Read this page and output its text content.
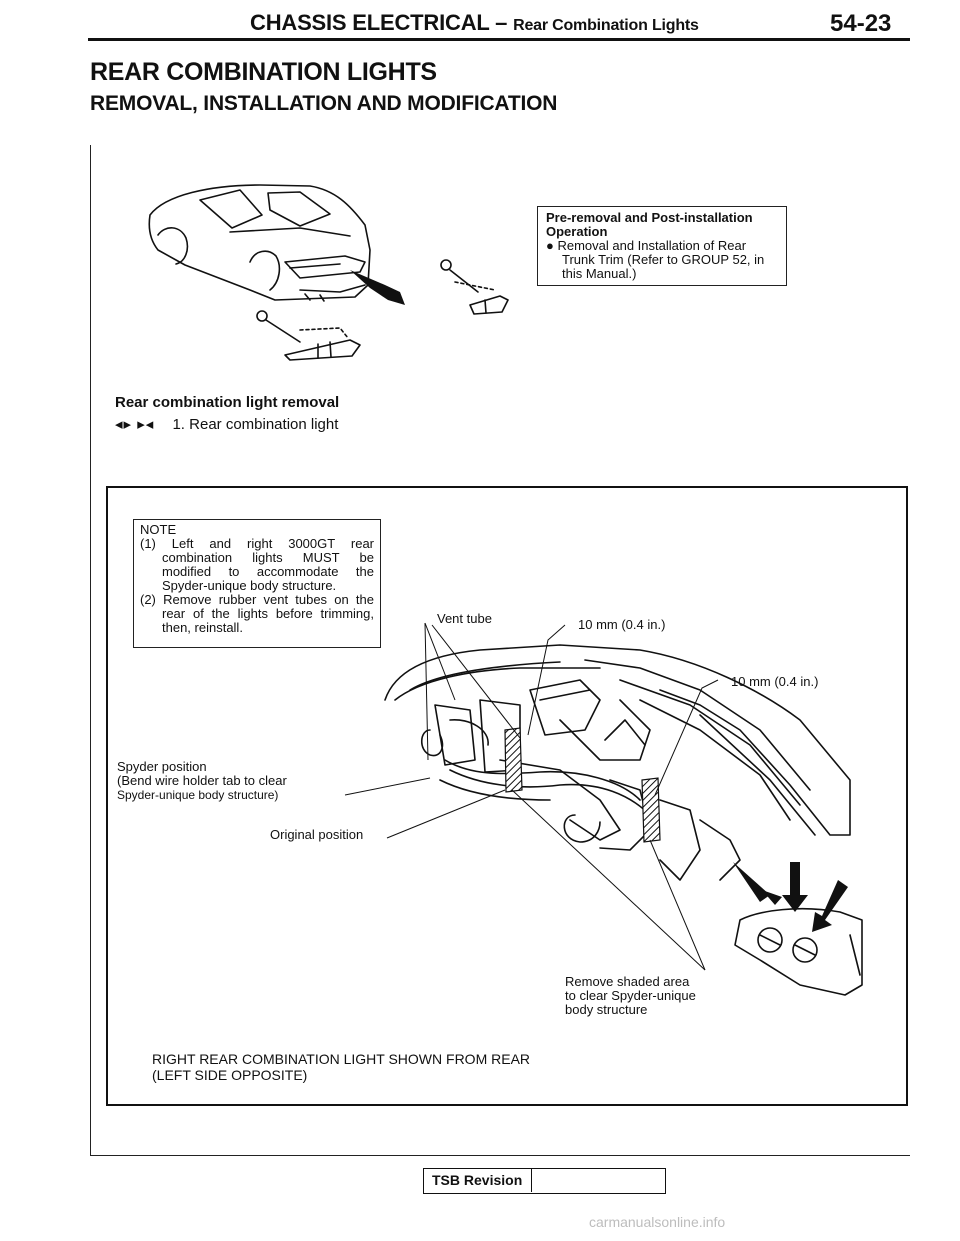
CHASSIS ELECTRICAL – Rear Combination Lights	54-23
REAR COMBINATION LIGHTS
REMOVAL, INSTALLATION AND MODIFICATION
Pre-removal and Post-installation Operation
● Removal and Installation of Rear Trunk Trim (Refer to GROUP 52, in this Manual.)
Rear combination light removal
◂▸ ▸◂ 1. Rear combination light
NOTE
(1) Left and right 3000GT rear combination lights MUST be modified to accommodate the Spyder-unique body structure.
(2) Remove rubber vent tubes on the rear of the lights before trimming, then, reinstall.
Vent tube	10 mm (0.4 in.)
10 mm (0.4 in.)
Spyder position
(Bend wire holder tab to clear
Spyder-unique body structure)
Original position
Remove shaded area
to clear Spyder-unique
body structure
RIGHT REAR COMBINATION LIGHT SHOWN FROM REAR
(LEFT SIDE OPPOSITE)
TSB Revision
carmanualsonline.info
